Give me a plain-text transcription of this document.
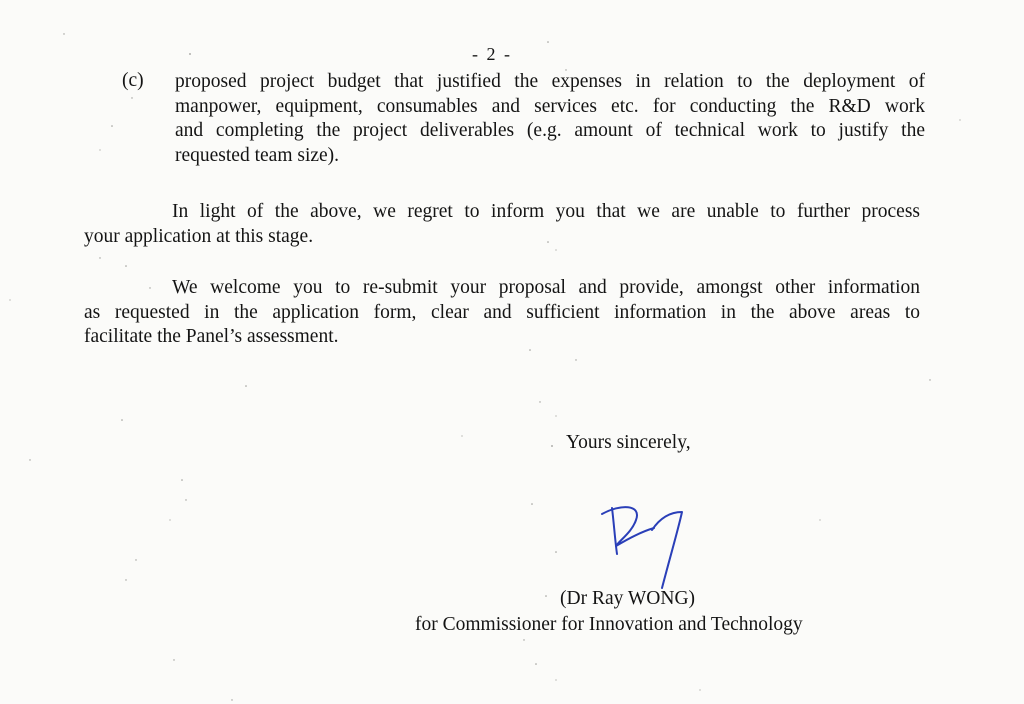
- 2 -
(c) proposed project budget that justified the expenses in relation to the deployment of
manpower, equipment, consumables and services etc. for conducting the R&D work
and completing the project deliverables (e.g. amount of technical work to justify the
requested team size).
In light of the above, we regret to inform you that we are unable to further process
your application at this stage.
We welcome you to re-submit your proposal and provide, amongst other information
as requested in the application form, clear and sufficient information in the above areas to
facilitate the Panel’s assessment.
Yours sincerely,
(Dr Ray WONG)
for Commissioner for Innovation and Technology
